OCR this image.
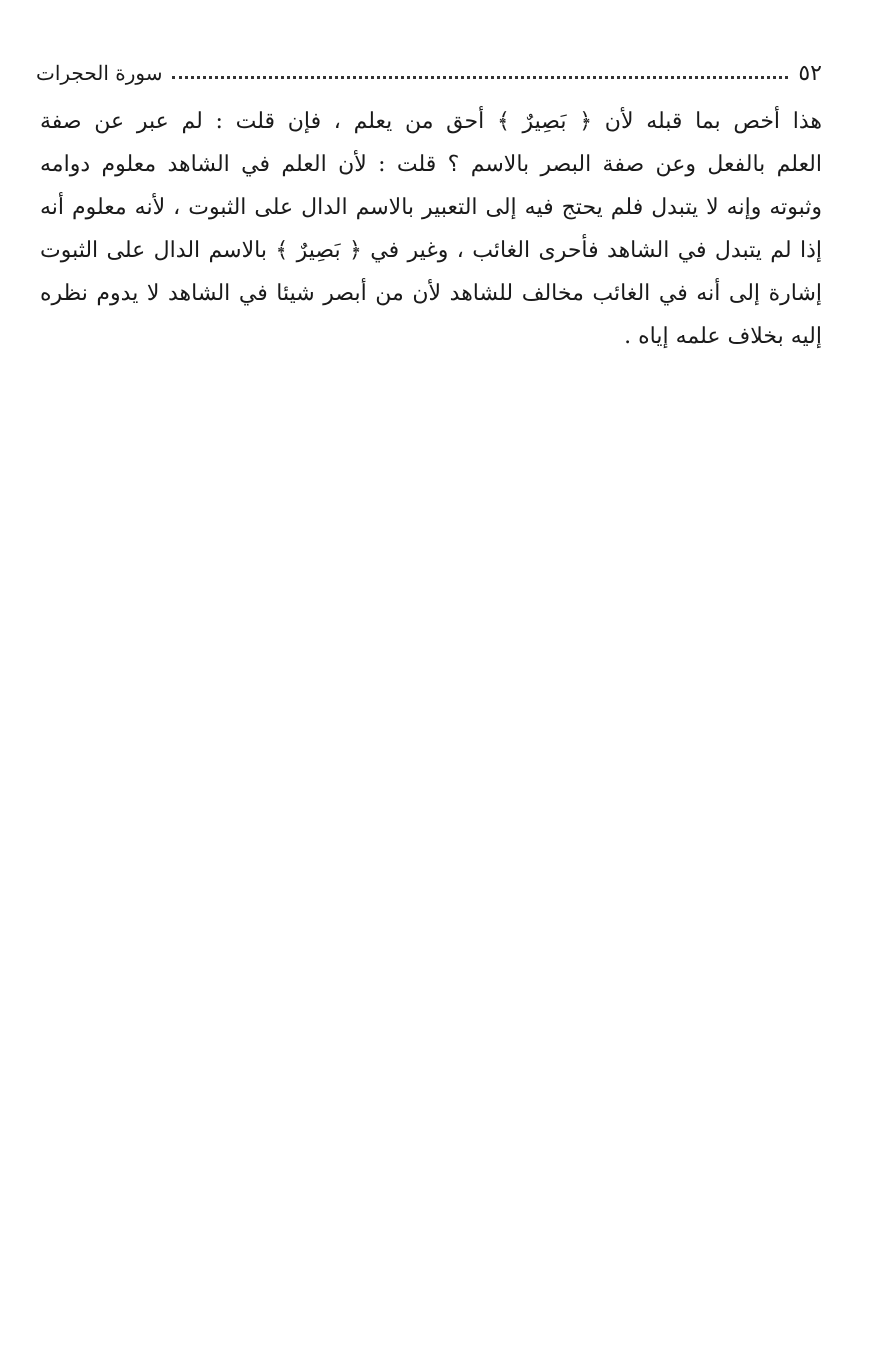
٥٢
سورة الحجرات
هذا أخص بما قبله لأن ﴿ بَصِيرٌ ﴾ أحق من يعلم ، فإن قلت : لم عبر عن صفة
العلم بالفعل وعن صفة البصر بالاسم ؟ قلت : لأن العلم في الشاهد معلوم دوامه
وثبوته وإنه لا يتبدل فلم يحتج فيه إلى التعبير بالاسم الدال على الثبوت ، لأنه معلوم أنه
إذا لم يتبدل في الشاهد فأحرى الغائب ، وغير في ﴿ بَصِيرٌ ﴾ بالاسم الدال على الثبوت
إشارة إلى أنه في الغائب مخالف للشاهد لأن من أبصر شيئا في الشاهد لا يدوم نظره
إليه بخلاف علمه إياه .
